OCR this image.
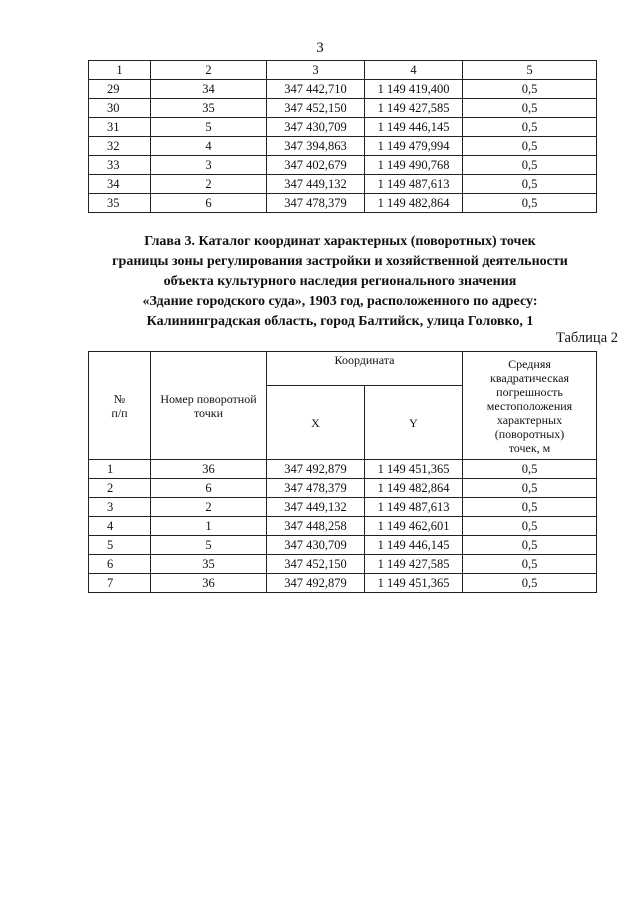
3
1	2	3	4	5
29	34	347 442,710	1 149 419,400	0,5
30	35	347 452,150	1 149 427,585	0,5
31	5	347 430,709	1 149 446,145	0,5
32	4	347 394,863	1 149 479,994	0,5
33	3	347 402,679	1 149 490,768	0,5
34	2	347 449,132	1 149 487,613	0,5
35	6	347 478,379	1 149 482,864	0,5
Глава 3. Каталог координат характерных (поворотных) точек
границы зоны регулирования застройки и хозяйственной деятельности
объекта культурного наследия регионального значения
«Здание городского суда», 1903 год, расположенного по адресу:
Калининградская область, город Балтийск, улица Головко, 1
Таблица 2
№
п/п	Номер поворотной точки	Координата		Средняя квадратическая погрешность местоположения характерных (поворотных) точек, м

		X	Y	
1	36	347 492,879	1 149 451,365	0,5
2	6	347 478,379	1 149 482,864	0,5
3	2	347 449,132	1 149 487,613	0,5
4	1	347 448,258	1 149 462,601	0,5
5	5	347 430,709	1 149 446,145	0,5
6	35	347 452,150	1 149 427,585	0,5
7	36	347 492,879	1 149 451,365	0,5
